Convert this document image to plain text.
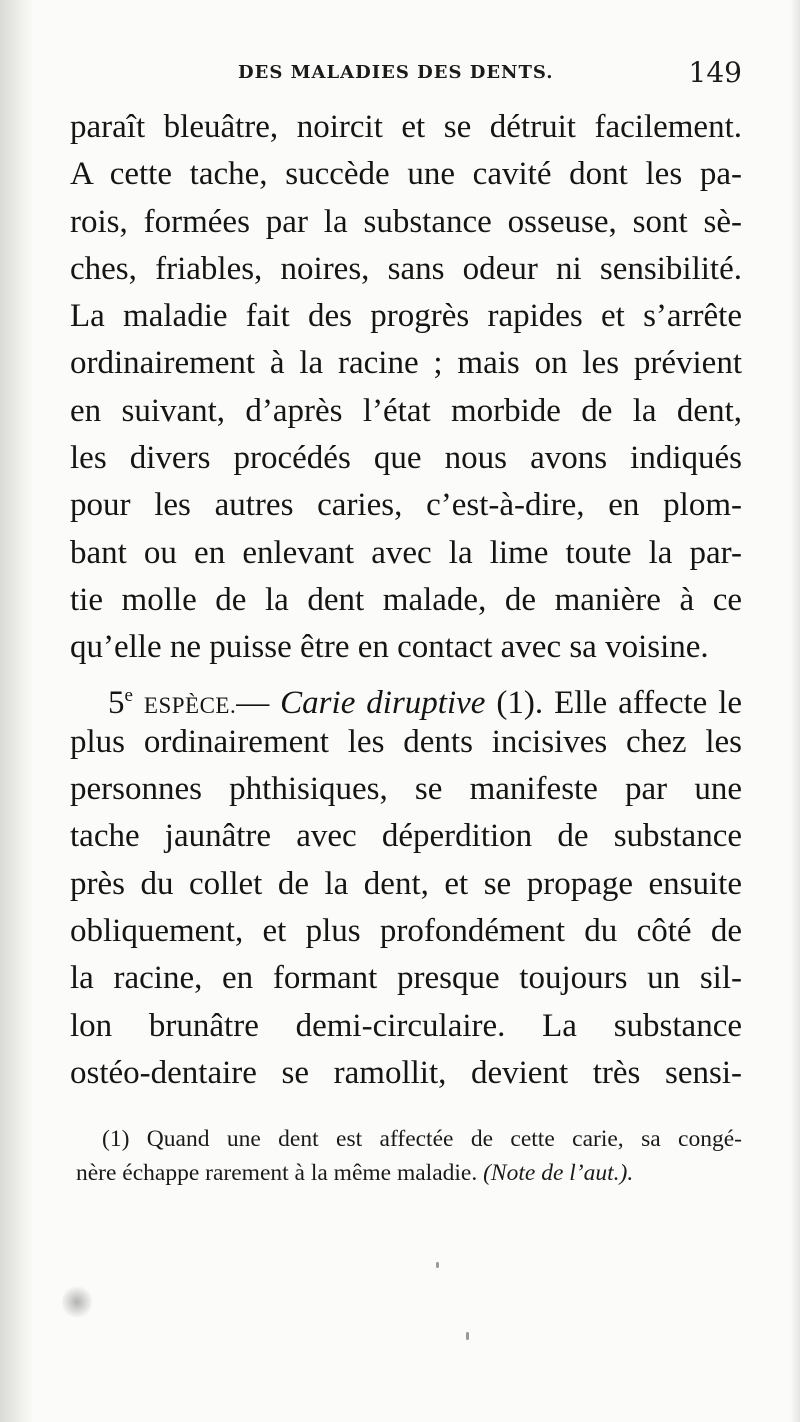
DES MALADIES DES DENTS.	149
paraît bleuâtre, noircit et se détruit facilement.
A cette tache, succède une cavité dont les pa-
rois, formées par la substance osseuse, sont sè-
ches, friables, noires, sans odeur ni sensibilité.
La maladie fait des progrès rapides et s’arrête
ordinairement à la racine ; mais on les prévient
en suivant, d’après l’état morbide de la dent,
les divers procédés que nous avons indiqués
pour les autres caries, c’est-à-dire, en plom-
bant ou en enlevant avec la lime toute la par-
tie molle de la dent malade, de manière à ce
qu’elle ne puisse être en contact avec sa voisine.
5e ESPÈCE.— Carie diruptive (1). Elle affecte le
plus ordinairement les dents incisives chez les
personnes phthisiques, se manifeste par une
tache jaunâtre avec déperdition de substance
près du collet de la dent, et se propage ensuite
obliquement, et plus profondément du côté de
la racine, en formant presque toujours un sil-
lon brunâtre demi-circulaire. La substance
ostéo-dentaire se ramollit, devient très sensi-
(1) Quand une dent est affectée de cette carie, sa congé-
nère échappe rarement à la même maladie. (Note de l’aut.).
